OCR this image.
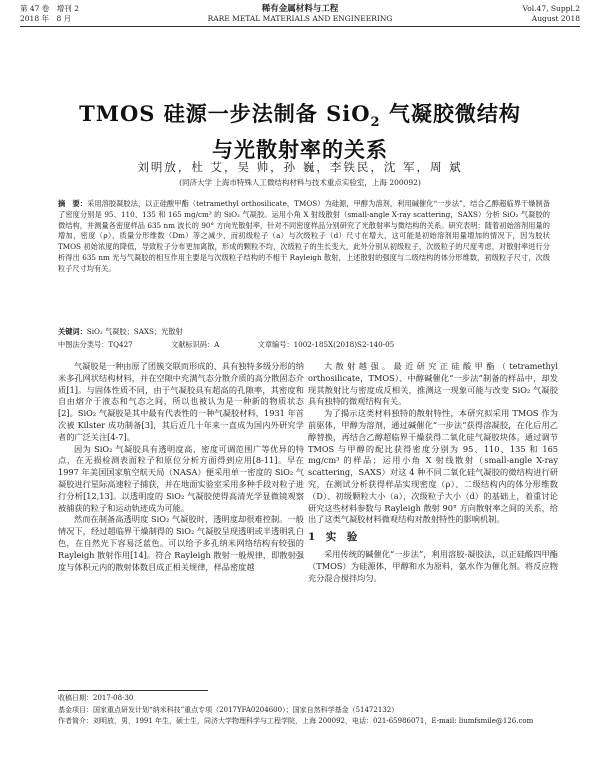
第 47 卷　增刊 2
2018 年　8 月
稀有金属材料与工程
RARE METAL MATERIALS AND ENGINEERING
Vol.47, Suppl.2
August 2018
TMOS 硅源一步法制备 SiO$_2$ 气凝胶微结构
与光散射率的关系
刘明放，杜 艾，吴 帅，孙 巍，李铁民，沈 军，周 斌
(同济大学 上海市特殊人工微结构材料与技术重点实验室，上海 200092)
摘　要：采用溶胶凝胶法，以正硅酸甲酯（tetramethyl orthosilicate，TMOS）为硅源，甲醇为溶剂，利用碱催化“一步法”，结合乙醇超临界干燥制备了密度分别是 95、110、135 和 165 mg/cm³ 的 SiO₂ 气凝胶。运用小角 X 射线散射（small-angle X-ray scattering，SAXS）分析 SiO₂ 气凝胶的微结构，并测量各密度样品 635 nm 波长的 90° 方向光散射率，针对不同密度样品分别研究了光散射率与微结构的关系。研究表明：随着初始溶剂用量的增加，密度（ρ）、质量分形维数（Dm）等之减少，而初级粒子（a）与次级粒子（d）尺寸在增大，这可能是初始溶剂用量增加的情况下，因为胶状 TMOS 初始浓度的降低，导致粒子分布更加离散，形成的颗粒不均，次级粒子的生长变大，此外分别从初级粒子，次级粒子的尺度考虑，对散射率进行分析得出 635 nm 光与气凝胶的相互作用主要是与次级粒子结构的不相干 Rayleigh 散射，上述散射的强度与二级结构的体分形维数，初级粒子尺寸，次级粒子尺寸均有关。
关键词：SiO₂ 气凝胶；SAXS；光散射
中图法分类号：TQ427	文献标识码：A	文章编号：1002-185X(2018)S2-140-05

气凝胶是一种由原了团簇交联而形成的、具有独特多级分形的纳米多孔网状结构材料，并在空隙中充满气态分散介质的高分散固态介质[1]。与固体性质不同，由于气凝胶具有超高的孔隙率，其密度和自由熔介于液态和气态之间，所以也被认为是一种新的物质状态[2]。SiO₂ 气凝胶是其中最有代表性的一种气凝胶材料，1931 年首次被 Kilster 成功制备[3]，其后近几十年来一直成为国内外研究学者的广泛关注[4-7]。

因为 SiO₂ 气凝胶具有透明度高、密度可调范围广等优异的特点，在无损检测表面粒子和原位分析方面得到应用[8-11]。早在 1997 年美国国家航空航天局（NASA）便采用单一密度的 SiO₂ 气凝胶进行星际高速粒子捕获，并在地面实验室采用多种手段对粒子进行分析[12,13]。以透明度的 SiO₂ 气凝胶使得高清光学显微镜观察被捕获的粒子和运动轨迹成为可能。

然而在制备高透明度 SiO₂ 气凝胶时，透明度却很难控制。一般情况下，经过超临界干燥制得的 SiO₂ 气凝胶呈现透明或半透明乳白色，在自然光下容易泛蓝色。可以给予多孔纳米网络结构有较强的 Rayleigh 散射作用[14]。符合 Rayleigh 散射一般规律，即散射强度与体积元内的散射体数目成正相关规律，样品密度越

大散射越强。最近研究正硅酸甲酯（tetramethyl orthosilicate，TMOS）、中醇碱催化“一步法”制备的样品中，却发现其散射比与密度成反相关，推测这一现象可能与改变 SiO₂ 气凝胶具有独特的微观结构有关。

为了揭示这类材料独特的散射特性，本研究拟采用 TMOS 作为前驱体，甲醇为溶剂，通过碱催化“一步法”获得溶凝胶，在化后用乙醇替换，再结合乙醇超临界干燥获得二氧化硅气凝胶块体。通过调节 TMOS 与甲醇的配比获得密度分别为 95、110、135 和 165 mg/cm³ 的样品；运用小角 X 射线散射（small-angle X-ray scattering，SAXS）对这 4 种不同二氧化硅气凝胶的微结构进行研究，在测试分析获得样品实现密度（ρ）、二级结构内的体分形维数（D）、初级颗粒大小（a），次级粒子大小（d）的基础上，着重讨论研究这些材料参数与 Rayleigh 散射 90° 方向散射率之间的关系，给出了这类气凝胶材料微观结构对散射特性的影响机制。

1　实　验

采用传统的碱催化“一步法”，利用溶胶-凝胶法，以正硅酸四甲酯（TMOS）为硅源体，甲醇和水为原料，氨水作为催化剂。将反应物充分混合搅拌均匀。

收稿日期：2017-08-30
基金项目：国家重点研发计划“纳米科技”重点专项（2017YFA0204600）；国家自然科学基金（51472132）
作者简介：刘明放，男，1991 年生，硕士生，同济大学物理科学与工程学院，上海 200092，电话：021-65986071，E-mail: liumfsmile@126.com
